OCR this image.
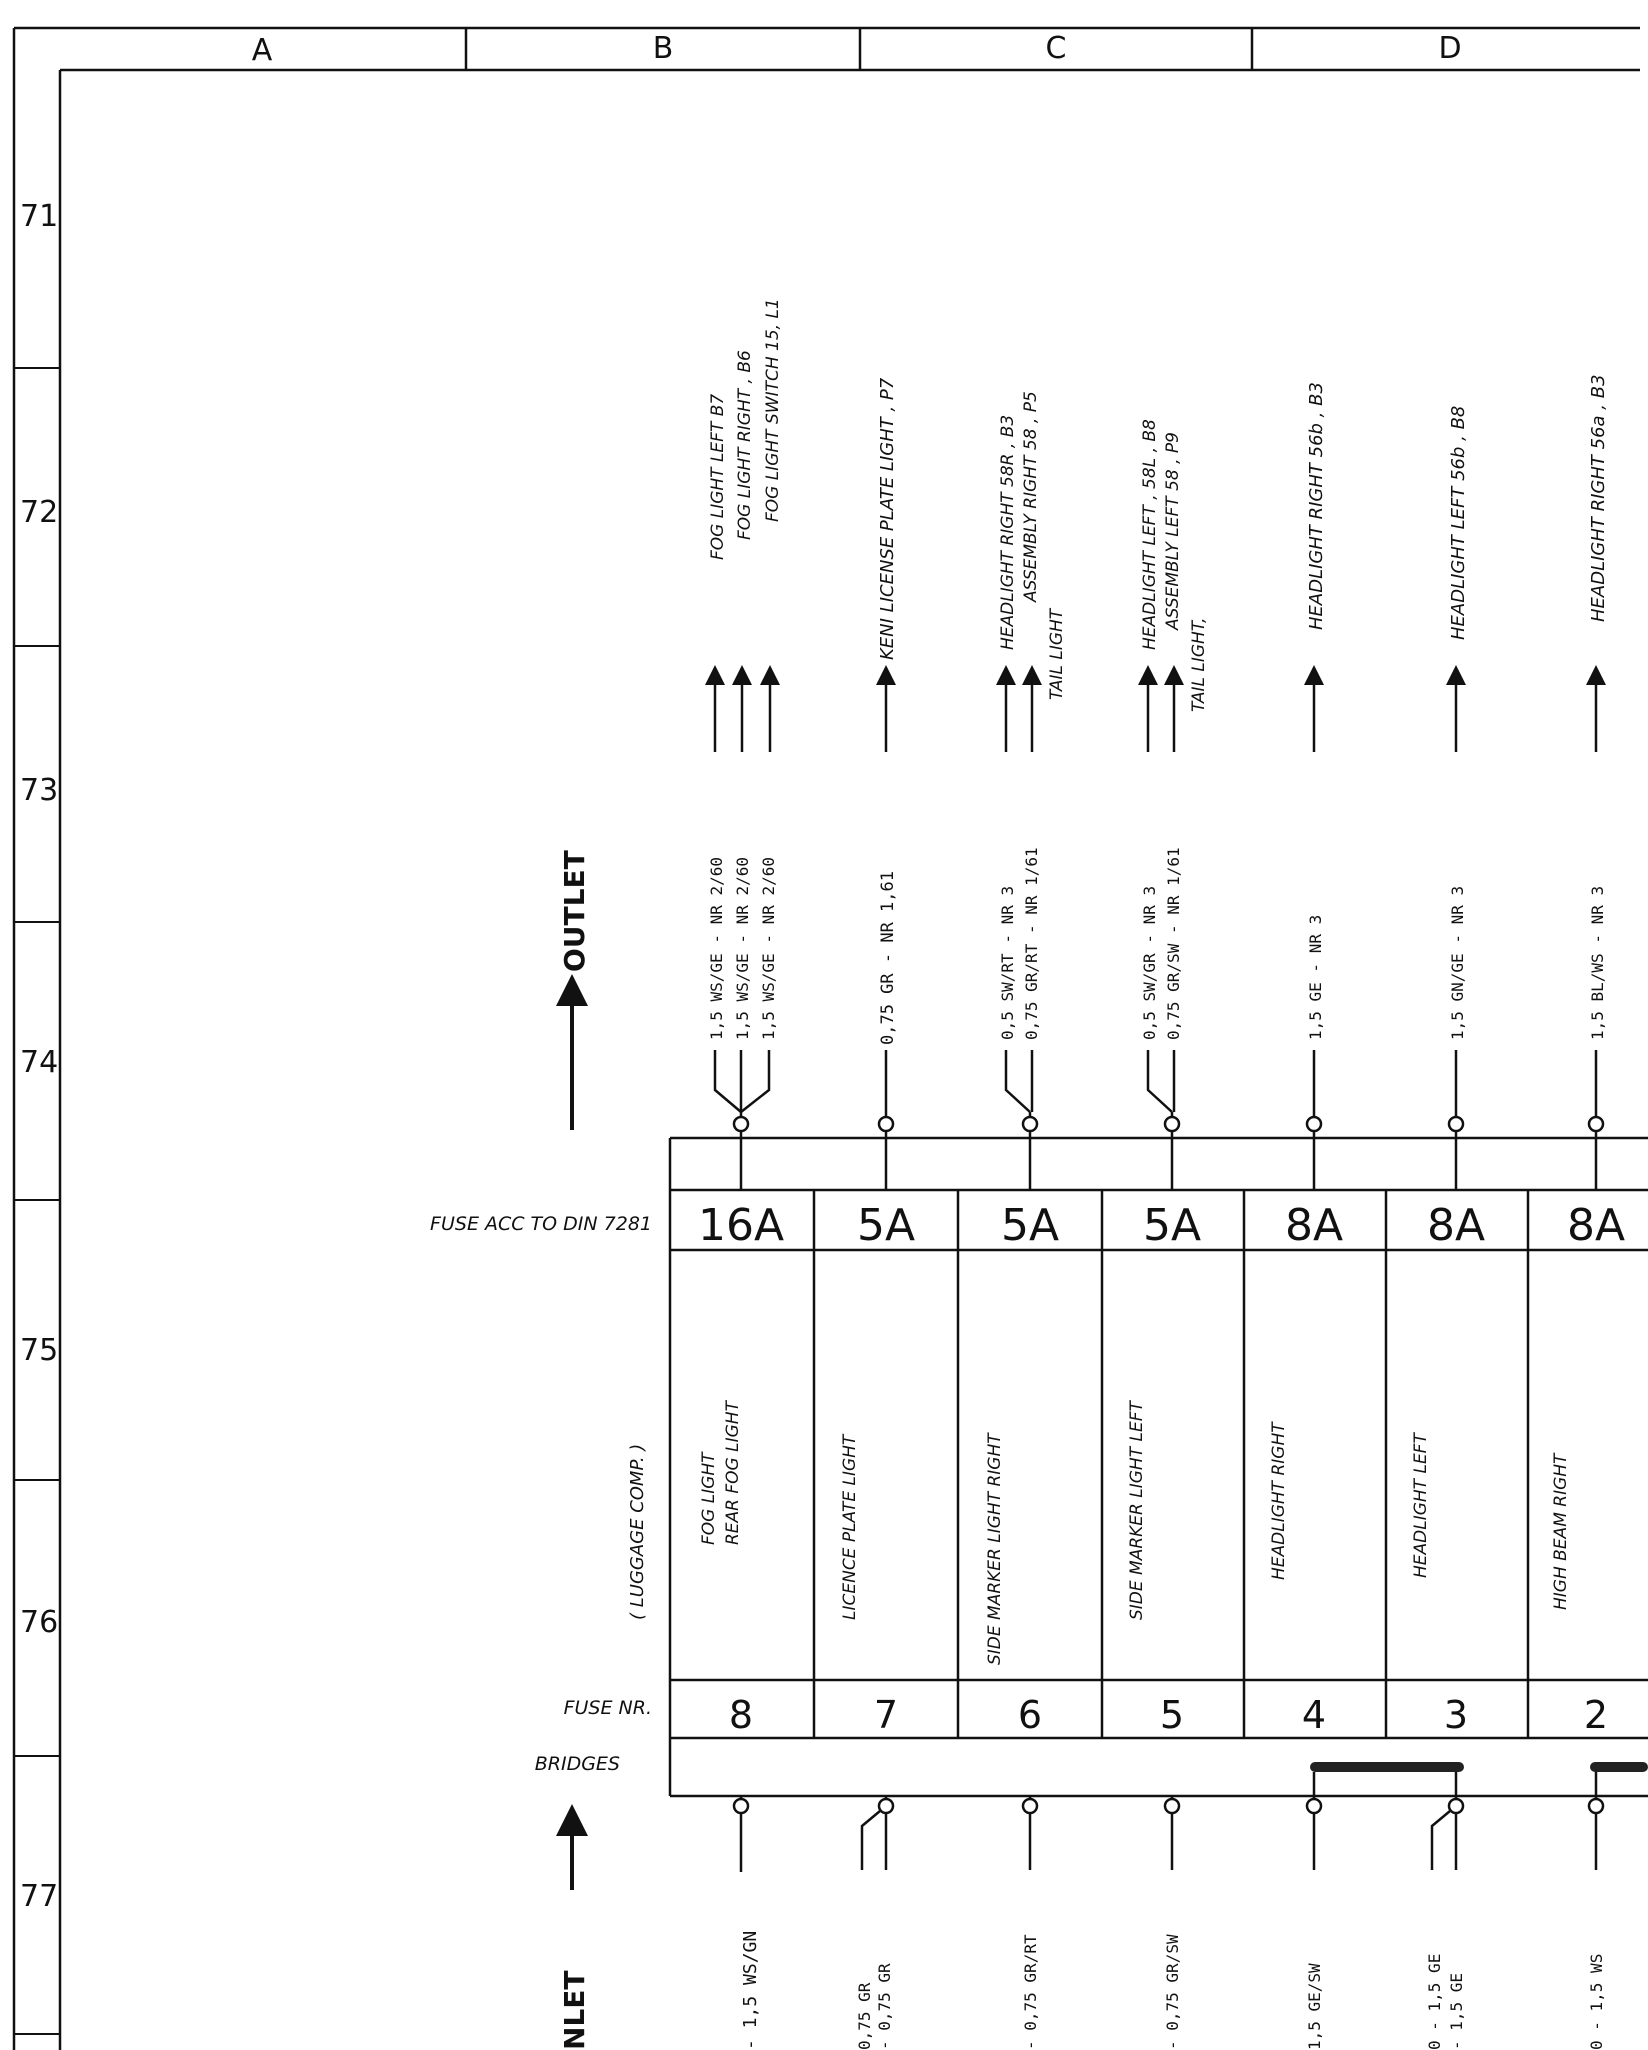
A	B	C	D
71
72
73
74
75
76
77
OUTLET
NLET
FUSE ACC TO DIN 7281
FUSE NR.
BRIDGES
( LUGGAGE COMP. )
FOG LIGHT LEFT B7 FOG LIGHT RIGHT , B6 FOG LIGHT SWITCH 15, L1
1,5 WS/GE - NR 2/60 1,5 WS/GE - NR 2/60 1,5 WS/GE - NR 2/60
16A
FOG LIGHT REAR FOG LIGHT
8
- 1,5 WS/GN
KENI LICENSE PLATE LIGHT , P7
0,75 GR - NR 1,61
5A
LICENCE PLATE LIGHT
7
0,75 GR - 0,75 GR
HEADLIGHT RIGHT 58R , B3 ASSEMBLY RIGHT 58 , P5
TAIL LIGHT
0,5 SW/RT - NR 3 0,75 GR/RT - NR 1/61
5A
SIDE MARKER LIGHT RIGHT
6
- 0,75 GR/RT
HEADLIGHT LEFT , 58L , B8 ASSEMBLY LEFT 58 , P9
TAIL LIGHT,
0,5 SW/GR - NR 3 0,75 GR/SW - NR 1/61
5A
SIDE MARKER LIGHT LEFT
5
- 0,75 GR/SW
HEADLIGHT RIGHT 56b , B3
1,5 GE - NR 3
8A
HEADLIGHT RIGHT
4
1,5 GE/SW
HEADLIGHT LEFT 56b , B8
1,5 GN/GE - NR 3
8A
HEADLIGHT LEFT
3
0 - 1,5 GE - 1,5 GE
HEADLIGHT RIGHT 56a , B3
1,5 BL/WS - NR 3
8A
HIGH BEAM RIGHT
2
0 - 1,5 WS
